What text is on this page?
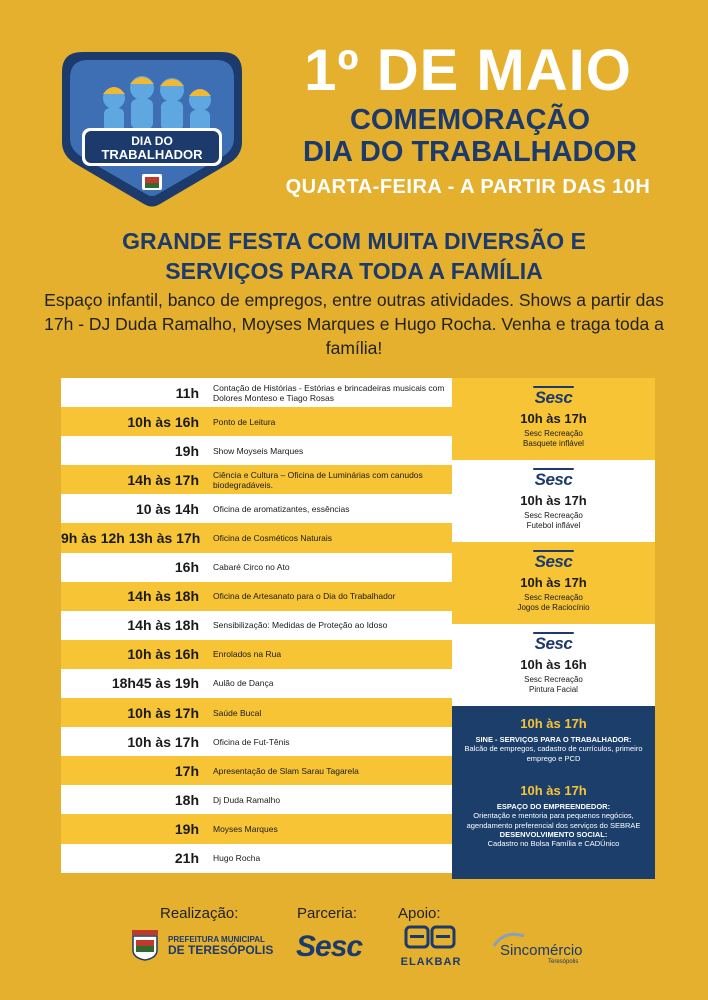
DIA DO
TRABALHADOR
1º DE MAIO
COMEMORAÇÃO
DIA DO TRABALHADOR
QUARTA-FEIRA - A PARTIR DAS 10H
GRANDE FESTA COM MUITA DIVERSÃO E
SERVIÇOS PARA TODA A FAMÍLIA
Espaço infantil, banco de empregos, entre outras atividades. Shows a partir das 17h - DJ Duda Ramalho, Moyses Marques e Hugo Rocha. Venha e traga toda a família!
11h	Contação de Histórias - Estórias e brincadeiras musicais com Dolores Monteso e Tiago Rosas
10h às 16h	Ponto de Leitura
19h	Show Moyseis Marques
14h às 17h	Ciência e Cultura – Oficina de Luminárias com canudos biodegradáveis.
10 às 14h	Oficina de aromatizantes, essências
9h às 12h 13h às 17h	Oficina de Cosméticos Naturais
16h	Cabaré Circo no Ato
14h às 18h	Oficina de Artesanato para o Dia do Trabalhador
14h às 18h	Sensibilização: Medidas de Proteção ao Idoso
10h às 16h	Enrolados na Rua
18h45 às 19h	Aulão de Dança
10h às 17h	Saúde Bucal
10h às 17h	Oficina de Fut-Tênis
17h	Apresentação de Slam Sarau Tagarela
18h	Dj Duda Ramalho
19h	Moyses Marques
21h	Hugo Rocha
Sesc
10h às 17h
Sesc Recreação
Basquete inflável
Sesc
10h às 17h
Sesc Recreação
Futebol inflável
Sesc
10h às 17h
Sesc Recreação
Jogos de Raciocínio
Sesc
10h às 16h
Sesc Recreação
Pintura Facial
10h às 17h
SINE - SERVIÇOS PARA O TRABALHADOR:
Balcão de empregos, cadastro de currículos, primeiro emprego e PCD
10h às 17h
ESPAÇO DO EMPREENDEDOR:
Orientação e mentoria para pequenos negócios, agendamento preferencial dos serviços do SEBRAE
DESENVOLVIMENTO SOCIAL:
Cadastro no Bolsa Família e CADÚnico
Realização:	Parceria:	Apoio:
PREFEITURA MUNICIPAL
DE TERESÓPOLIS Sesc	ELAKBAR
Sincomércio
Teresópolis
